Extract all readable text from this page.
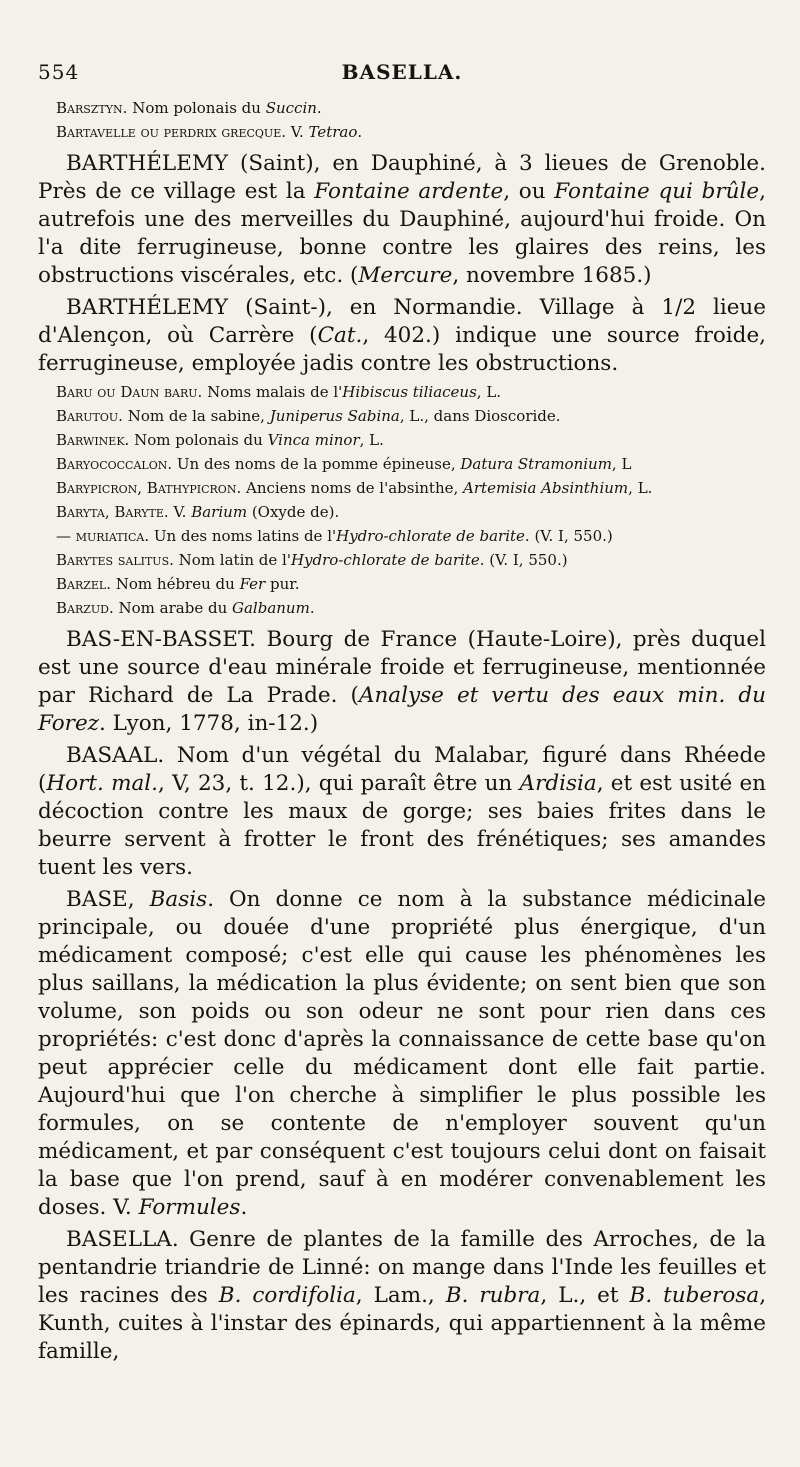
554	BASELLA.

Barsztyn. Nom polonais du Succin.

Bartavelle ou perdrix grecque. V. Tetrao.

BARTHÉLEMY (Saint), en Dauphiné, à 3 lieues de Grenoble. Près de ce village est la Fontaine ardente, ou Fontaine qui brûle, autrefois une des merveilles du Dauphiné, aujourd'hui froide. On l'a dite ferrugineuse, bonne contre les glaires des reins, les obstructions viscérales, etc. (Mercure, novembre 1685.)

BARTHÉLEMY (Saint-), en Normandie. Village à 1/2 lieue d'Alençon, où Carrère (Cat., 402.) indique une source froide, ferrugineuse, employée jadis contre les obstructions.

Baru ou Daun baru. Noms malais de l'Hibiscus tiliaceus, L.

Barutou. Nom de la sabine, Juniperus Sabina, L., dans Dioscoride.

Barwinek. Nom polonais du Vinca minor, L.

Baryococcalon. Un des noms de la pomme épineuse, Datura Stramonium, L

Barypicron, Bathypicron. Anciens noms de l'absinthe, Artemisia Absinthium, L.

Baryta, Baryte. V. Barium (Oxyde de).

— muriatica. Un des noms latins de l'Hydro-chlorate de barite. (V. I, 550.)

Barytes salitus. Nom latin de l'Hydro-chlorate de barite. (V. I, 550.)

Barzel. Nom hébreu du Fer pur.

Barzud. Nom arabe du Galbanum.

BAS-EN-BASSET. Bourg de France (Haute-Loire), près duquel est une source d'eau minérale froide et ferrugineuse, mentionnée par Richard de La Prade. (Analyse et vertu des eaux min. du Forez. Lyon, 1778, in-12.)

BASAAL. Nom d'un végétal du Malabar, figuré dans Rhéede (Hort. mal., V, 23, t. 12.), qui paraît être un Ardisia, et est usité en décoction contre les maux de gorge; ses baies frites dans le beurre servent à frotter le front des frénétiques; ses amandes tuent les vers.

BASE, Basis. On donne ce nom à la substance médicinale principale, ou douée d'une propriété plus énergique, d'un médicament composé; c'est elle qui cause les phénomènes les plus saillans, la médication la plus évidente; on sent bien que son volume, son poids ou son odeur ne sont pour rien dans ces propriétés: c'est donc d'après la connaissance de cette base qu'on peut apprécier celle du médicament dont elle fait partie. Aujourd'hui que l'on cherche à simplifier le plus possible les formules, on se contente de n'employer souvent qu'un médicament, et par conséquent c'est toujours celui dont on faisait la base que l'on prend, sauf à en modérer convenablement les doses. V. Formules.

BASELLA. Genre de plantes de la famille des Arroches, de la pentandrie triandrie de Linné: on mange dans l'Inde les feuilles et les racines des B. cordifolia, Lam., B. rubra, L., et B. tuberosa, Kunth, cuites à l'instar des épinards, qui appartiennent à la même famille,
